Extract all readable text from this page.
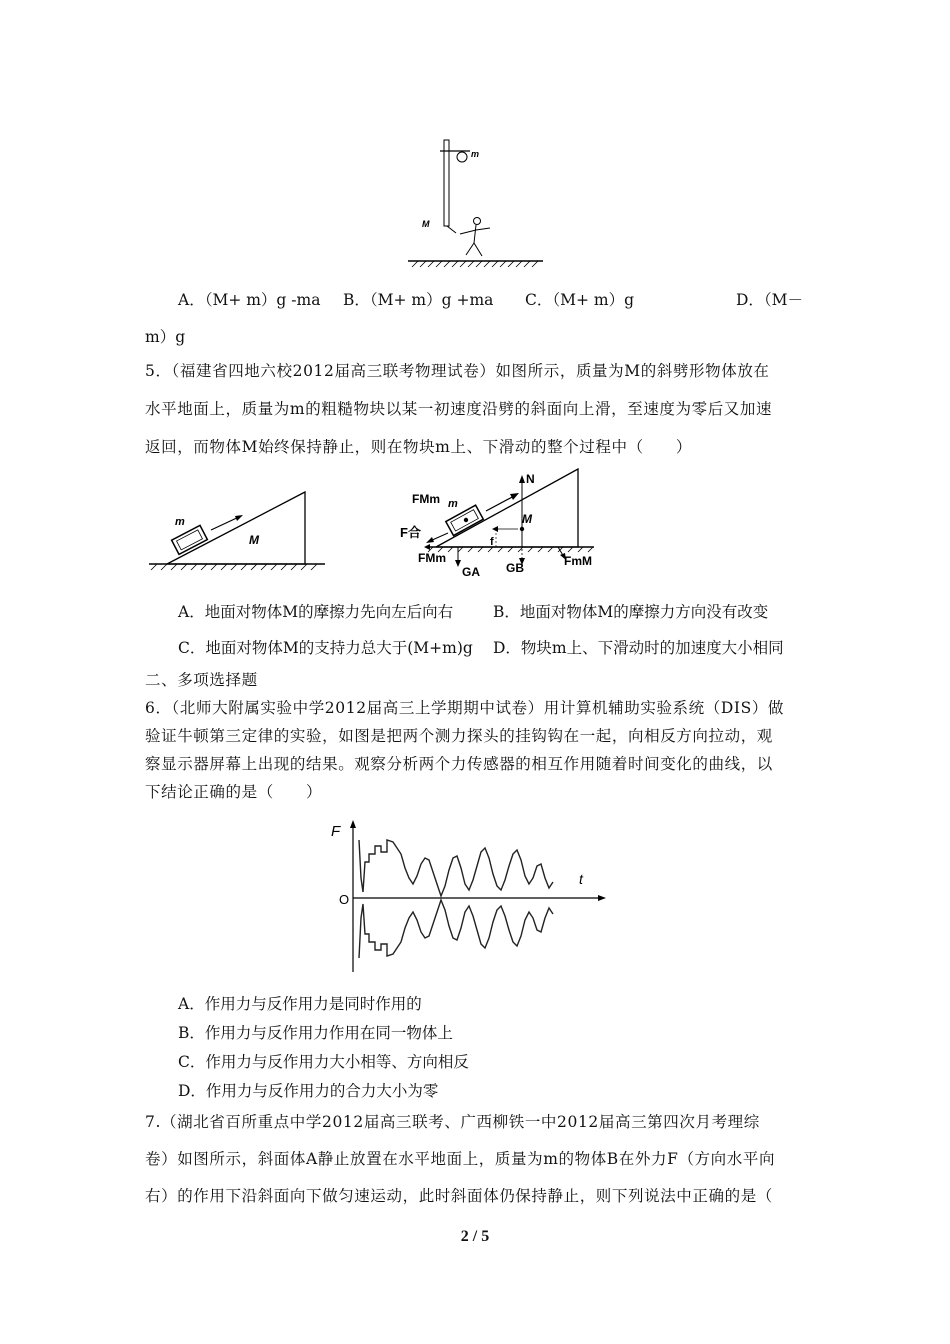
m
M
A．（M+ m）g -ma B．（M+ m）g +ma C．（M+ m）g	D．（M－
m）g
5．（福建省四地六校2012届高三联考物理试卷）如图所示，质量为M的斜劈形物体放在
水平地面上，质量为m的粗糙物块以某一初速度沿劈的斜面向上滑，至速度为零后又加速
返回，而物体M始终保持静止，则在物块m上、下滑动的整个过程中（　　）
m
M
N
FMm m
M
F合
f
FMm
GA GB	FmM
A．地面对物体M的摩擦力先向左后向右	B．地面对物体M的摩擦力方向没有改变
C．地面对物体M的支持力总大于(M+m)g D．物块m上、下滑动时的加速度大小相同
二、多项选择题
6．（北师大附属实验中学2012届高三上学期期中试卷）用计算机辅助实验系统（DIS）做
验证牛顿第三定律的实验，如图是把两个测力探头的挂钩钩在一起，向相反方向拉动，观
察显示器屏幕上出现的结果。观察分析两个力传感器的相互作用随着时间变化的曲线，以
下结论正确的是（　　）
F
t
O
A．作用力与反作用力是同时作用的
B．作用力与反作用力作用在同一物体上
C．作用力与反作用力大小相等、方向相反
D．作用力与反作用力的合力大小为零
7.（湖北省百所重点中学2012届高三联考、广西柳铁一中2012届高三第四次月考理综
卷）如图所示，斜面体A静止放置在水平地面上，质量为m的物体B在外力F（方向水平向
右）的作用下沿斜面向下做匀速运动，此时斜面体仍保持静止，则下列说法中正确的是（
2 / 5
